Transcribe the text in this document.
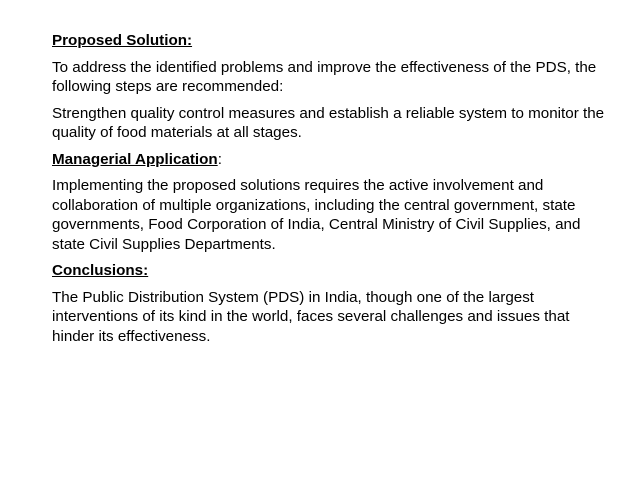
Proposed Solution:

To address the identified problems and improve the effectiveness of the PDS, the following steps are recommended:

Strengthen quality control measures and establish a reliable system to monitor the quality of food materials at all stages.

Managerial Application:

Implementing the proposed solutions requires the active involvement and collaboration of multiple organizations, including the central government, state governments, Food Corporation of India, Central Ministry of Civil Supplies, and state Civil Supplies Departments.

Conclusions:

The Public Distribution System (PDS) in India, though one of the largest interventions of its kind in the world, faces several challenges and issues that hinder its effectiveness.
